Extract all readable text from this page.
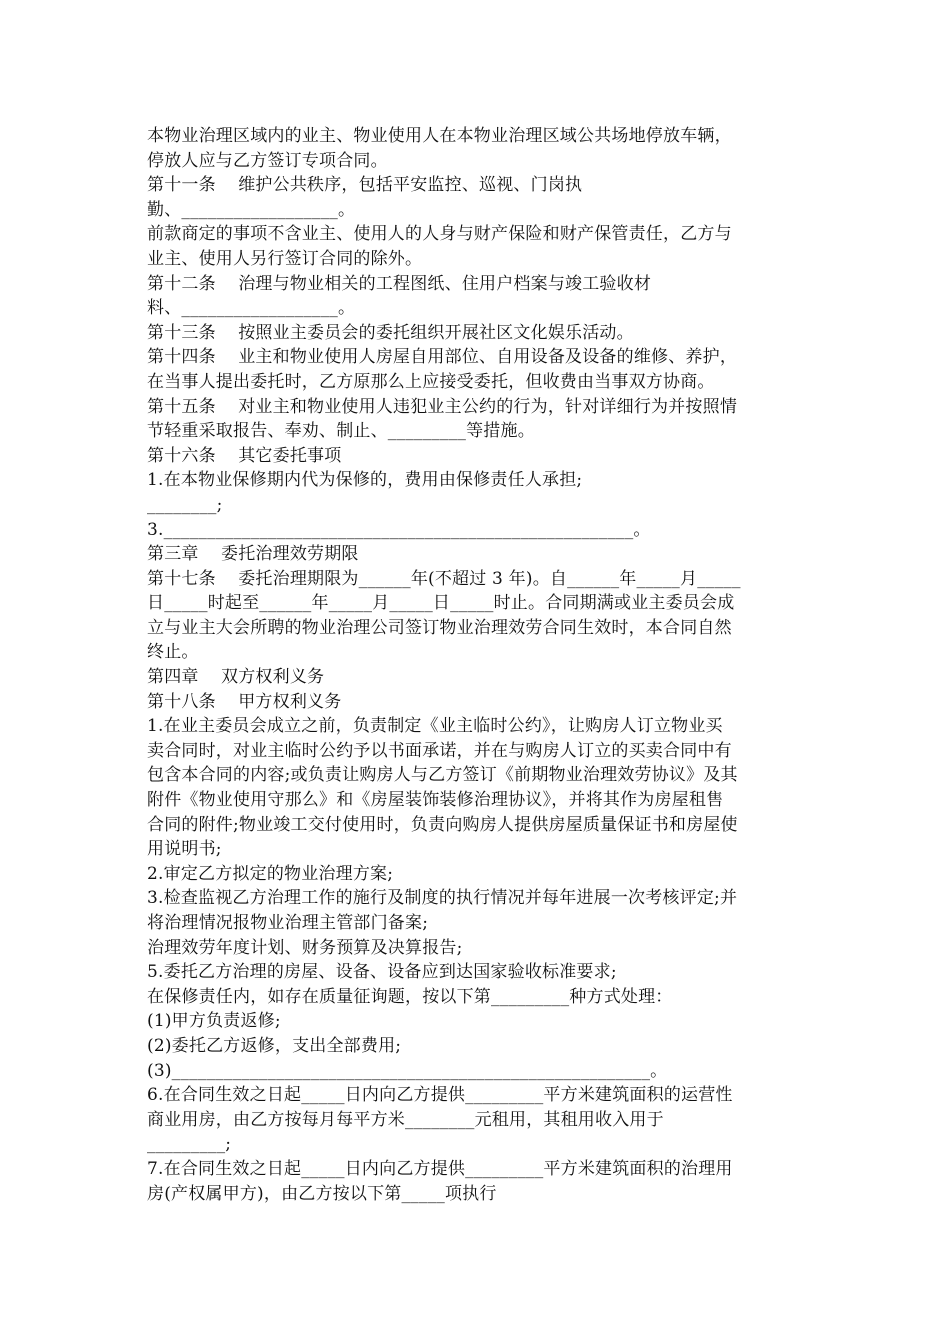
本物业治理区域内的业主、物业使用人在本物业治理区域公共场地停放车辆，
停放人应与乙方签订专项合同。
第十一条    维护公共秩序，包括平安监控、巡视、门岗执
勤、__________________。
前款商定的事项不含业主、使用人的人身与财产保险和财产保管责任，乙方与
业主、使用人另行签订合同的除外。
第十二条    治理与物业相关的工程图纸、住用户档案与竣工验收材
料、__________________。
第十三条    按照业主委员会的委托组织开展社区文化娱乐活动。
第十四条    业主和物业使用人房屋自用部位、自用设备及设备的维修、养护，
在当事人提出委托时，乙方原那么上应接受委托，但收费由当事双方协商。
第十五条    对业主和物业使用人违犯业主公约的行为，针对详细行为并按照情
节轻重采取报告、奉劝、制止、_________等措施。
第十六条    其它委托事项
1.在本物业保修期内代为保修的，费用由保修责任人承担;
________;
3.______________________________________________________。
第三章    委托治理效劳期限
第十七条    委托治理期限为______年(不超过 3 年)。自______年_____月_____
日_____时起至______年_____月_____日_____时止。合同期满或业主委员会成
立与业主大会所聘的物业治理公司签订物业治理效劳合同生效时，本合同自然
终止。
第四章    双方权利义务
第十八条    甲方权利义务
1.在业主委员会成立之前，负责制定《业主临时公约》，让购房人订立物业买
卖合同时，对业主临时公约予以书面承诺，并在与购房人订立的买卖合同中有
包含本合同的内容;或负责让购房人与乙方签订《前期物业治理效劳协议》及其
附件《物业使用守那么》和《房屋装饰装修治理协议》，并将其作为房屋租售
合同的附件;物业竣工交付使用时，负责向购房人提供房屋质量保证书和房屋使
用说明书;
2.审定乙方拟定的物业治理方案;
3.检查监视乙方治理工作的施行及制度的执行情况并每年进展一次考核评定;并
将治理情况报物业治理主管部门备案;
治理效劳年度计划、财务预算及决算报告;
5.委托乙方治理的房屋、设备、设备应到达国家验收标准要求;
在保修责任内，如存在质量征询题，按以下第_________种方式处理：
(1)甲方负责返修;
(2)委托乙方返修，支出全部费用;
(3)_______________________________________________________。
6.在合同生效之日起_____日内向乙方提供_________平方米建筑面积的运营性
商业用房，由乙方按每月每平方米________元租用，其租用收入用于
_________;
7.在合同生效之日起_____日内向乙方提供_________平方米建筑面积的治理用
房(产权属甲方)，由乙方按以下第_____项执行
